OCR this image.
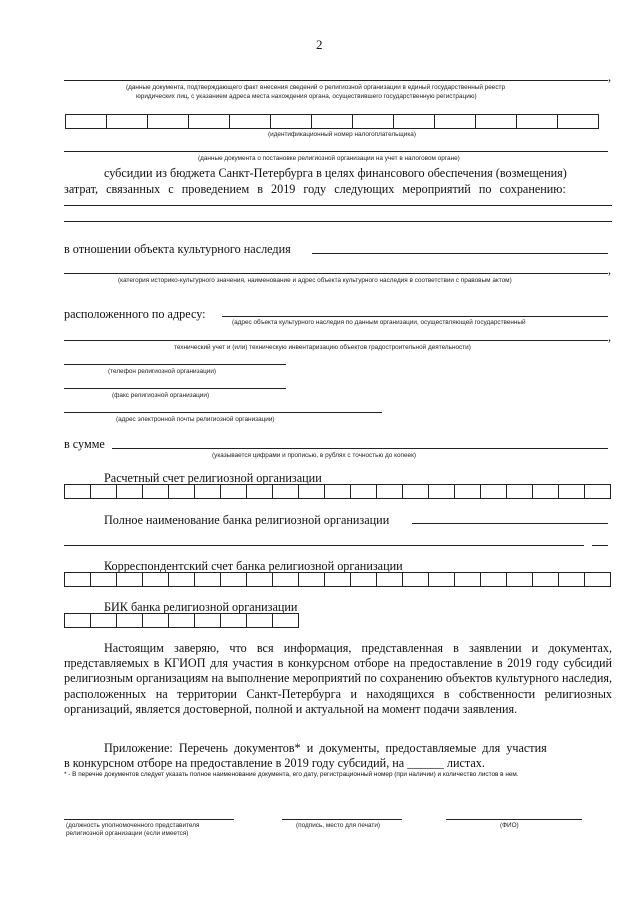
2
,
(данные документа, подтверждающего факт внесения сведений о религиозной организации в единый государственный реестр
юридических лиц, с указанием адреса места нахождения органа, осуществившего государственную регистрацию)
(идентификационный номер налогоплательщика)
(данные документа о постановке религиозной организации на учет в налоговом органе)
субсидии из бюджета Санкт-Петербурга в целях финансового обеспечения (возмещения)
затрат, связанных с проведением в 2019 году следующих мероприятий по сохранению:
в отношении объекта культурного наследия
,
(категория историко-культурного значения, наименование и адрес объекта культурного наследия в соответствии с правовым актом)
расположенного по адресу:
(адрес объекта культурного наследия по данным организации, осуществляющей государственный
,
технический учет и (или) техническую инвентаризацию объектов градостроительной деятельности)
(телефон религиозной организации)
(факс религиозной организации)
(адрес электронной почты религиозной организации)
в сумме
(указывается цифрами и прописью, в рублях с точностью до копеек)
Расчетный счет религиозной организации
Полное наименование банка религиозной организации
Корреспондентский счет банка религиозной организации
БИК банка религиозной организации
Настоящим заверяю, что вся информация, представленная в заявлении и документах, представляемых в КГИОП для участия в конкурсном отборе на предоставление в 2019 году субсидий религиозным организациям на выполнение мероприятий по сохранению объектов культурного наследия, расположенных на территории Санкт-Петербурга и находящихся в собственности религиозных организаций, является достоверной, полной и актуальной на момент подачи заявления.
Приложение: Перечень документов* и документы, предоставляемые для участия
в конкурсном отборе на предоставление в 2019 году субсидий, на ______ листах.
* - В перечне документов следует указать полное наименование документа, его дату, регистрационный номер (при наличии) и количество листов в нем.
(должность уполномоченного представителя
религиозной организации (если имеется)
(подпись, место для печати)	(ФИО)
